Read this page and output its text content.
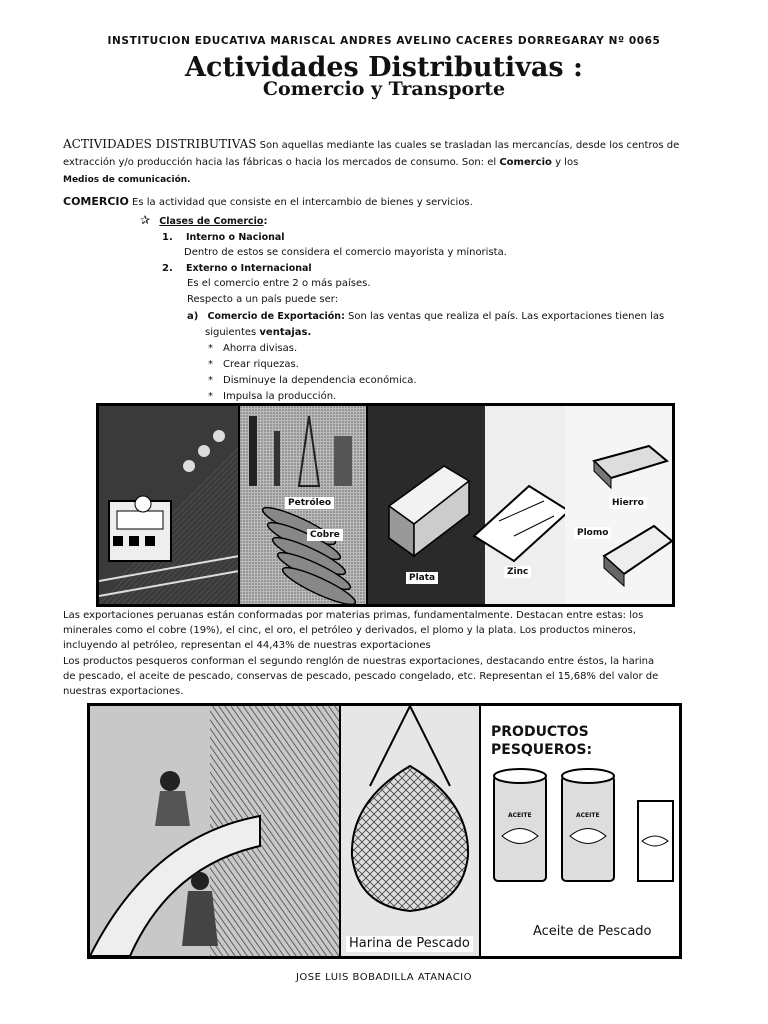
INSTITUCION EDUCATIVA MARISCAL ANDRES AVELINO CACERES DORREGARAY Nº 0065
Actividades Distributivas :
Comercio y Transporte
ACTIVIDADES DISTRIBUTIVAS Son aquellas mediante las cuales se trasladan las mercancías, desde los centros de extracción y/o producción hacia las fábricas o hacia los mercados de consumo. Son: el Comercio y los
Medios de comunicación.
COMERCIO Es la actividad que consiste en el intercambio de bienes y servicios.
✰ Clases de Comercio:
1. Interno o Nacional
Dentro de estos se considera el comercio mayorista y minorista.
2. Externo o Internacional
Es el comercio entre 2 o más países.
Respecto a un país puede ser:
a) Comercio de Exportación: Son las ventas que realiza el país. Las exportaciones tienen las
siguientes ventajas.
* Ahorra divisas.
* Crear riquezas.
* Disminuye la dependencia económica.
* Impulsa la producción.
Petróleo
Cobre
Plata
Zinc
Hierro
Plomo
Las exportaciones peruanas están conformadas por materias primas, fundamentalmente. Destacan entre estas: los minerales como el cobre (19%), el cinc, el oro, el petróleo y derivados, el plomo y la plata. Los productos mineros, incluyendo al petróleo, representan el 44,43% de nuestras exportaciones
Los productos pesqueros conforman el segundo renglón de nuestras exportaciones, destacando entre éstos, la harina de pescado, el aceite de pescado, conservas de pescado, pescado congelado, etc. Representan el 15,68% del valor de nuestras exportaciones.
PRODUCTOS PESQUEROS:
ACEITE	ACEITE
Harina de Pescado
Aceite de Pescado
JOSE LUIS BOBADILLA ATANACIO
